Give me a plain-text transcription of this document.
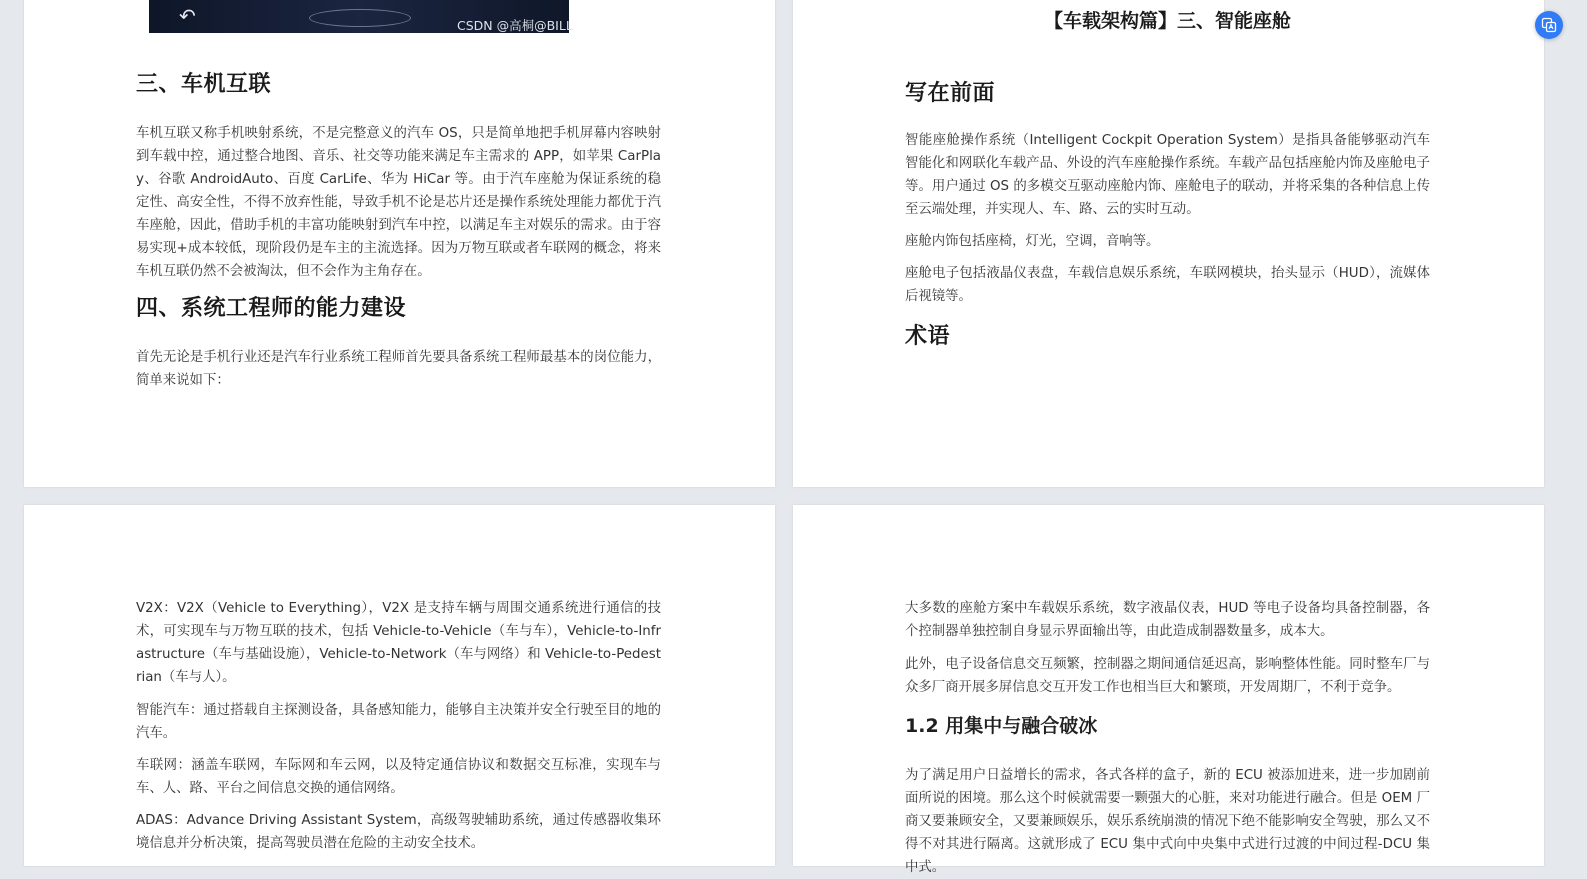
↶	CSDN @高桐@BILL
三、车机互联

车机互联又称手机映射系统，不是完整意义的汽车 OS，只是简单地把手机屏幕内容映射到车载中控，通过整合地图、音乐、社交等功能来满足车主需求的 APP，如苹果 CarPlay、谷歌 AndroidAuto、百度 CarLife、华为 HiCar 等。由于汽车座舱为保证系统的稳定性、高安全性，不得不放弃性能，导致手机不论是芯片还是操作系统处理能力都优于汽车座舱，因此，借助手机的丰富功能映射到汽车中控，以满足车主对娱乐的需求。由于容易实现+成本较低，现阶段仍是车主的主流选择。因为万物互联或者车联网的概念，将来车机互联仍然不会被淘汰，但不会作为主角存在。

四、系统工程师的能力建设

首先无论是手机行业还是汽车行业系统工程师首先要具备系统工程师最基本的岗位能力，简单来说如下：

【车载架构篇】三、智能座舱
写在前面

智能座舱操作系统（Intelligent Cockpit Operation System）是指具备能够驱动汽车智能化和网联化车载产品、外设的汽车座舱操作系统。车载产品包括座舱内饰及座舱电子等。用户通过 OS 的多模交互驱动座舱内饰、座舱电子的联动，并将采集的各种信息上传至云端处理，并实现人、车、路、云的实时互动。

座舱内饰包括座椅，灯光，空调，音响等。

座舱电子包括液晶仪表盘，车载信息娱乐系统，车联网模块，抬头显示（HUD），流媒体后视镜等。

术语

V2X：V2X（Vehicle to Everything），V2X 是支持车辆与周围交通系统进行通信的技术，可实现车与万物互联的技术，包括 Vehicle-to-Vehicle（车与车），Vehicle-to-Infrastructure（车与基础设施），Vehicle-to-Network（车与网络）和 Vehicle-to-Pedestrian（车与人）。

智能汽车：通过搭载自主探测设备，具备感知能力，能够自主决策并安全行驶至目的地的汽车。

车联网：涵盖车联网，车际网和车云网，以及特定通信协议和数据交互标准，实现车与车、人、路、平台之间信息交换的通信网络。

ADAS：Advance Driving Assistant System，高级驾驶辅助系统，通过传感器收集环境信息并分析决策，提高驾驶员潜在危险的主动安全技术。

大多数的座舱方案中车载娱乐系统，数字液晶仪表，HUD 等电子设备均具备控制器，各个控制器单独控制自身显示界面输出等，由此造成制器数量多，成本大。

此外，电子设备信息交互频繁，控制器之期间通信延迟高，影响整体性能。同时整车厂与众多厂商开展多屏信息交互开发工作也相当巨大和繁琐，开发周期厂，不利于竞争。

1.2 用集中与融合破冰

为了满足用户日益增长的需求，各式各样的盒子，新的 ECU 被添加进来，进一步加剧前面所说的困境。那么这个时候就需要一颗强大的心脏，来对功能进行融合。但是 OEM 厂商又要兼顾安全，又要兼顾娱乐，娱乐系统崩溃的情况下绝不能影响安全驾驶，那么又不得不对其进行隔离。这就形成了 ECU 集中式向中央集中式进行过渡的中间过程-DCU 集中式。
